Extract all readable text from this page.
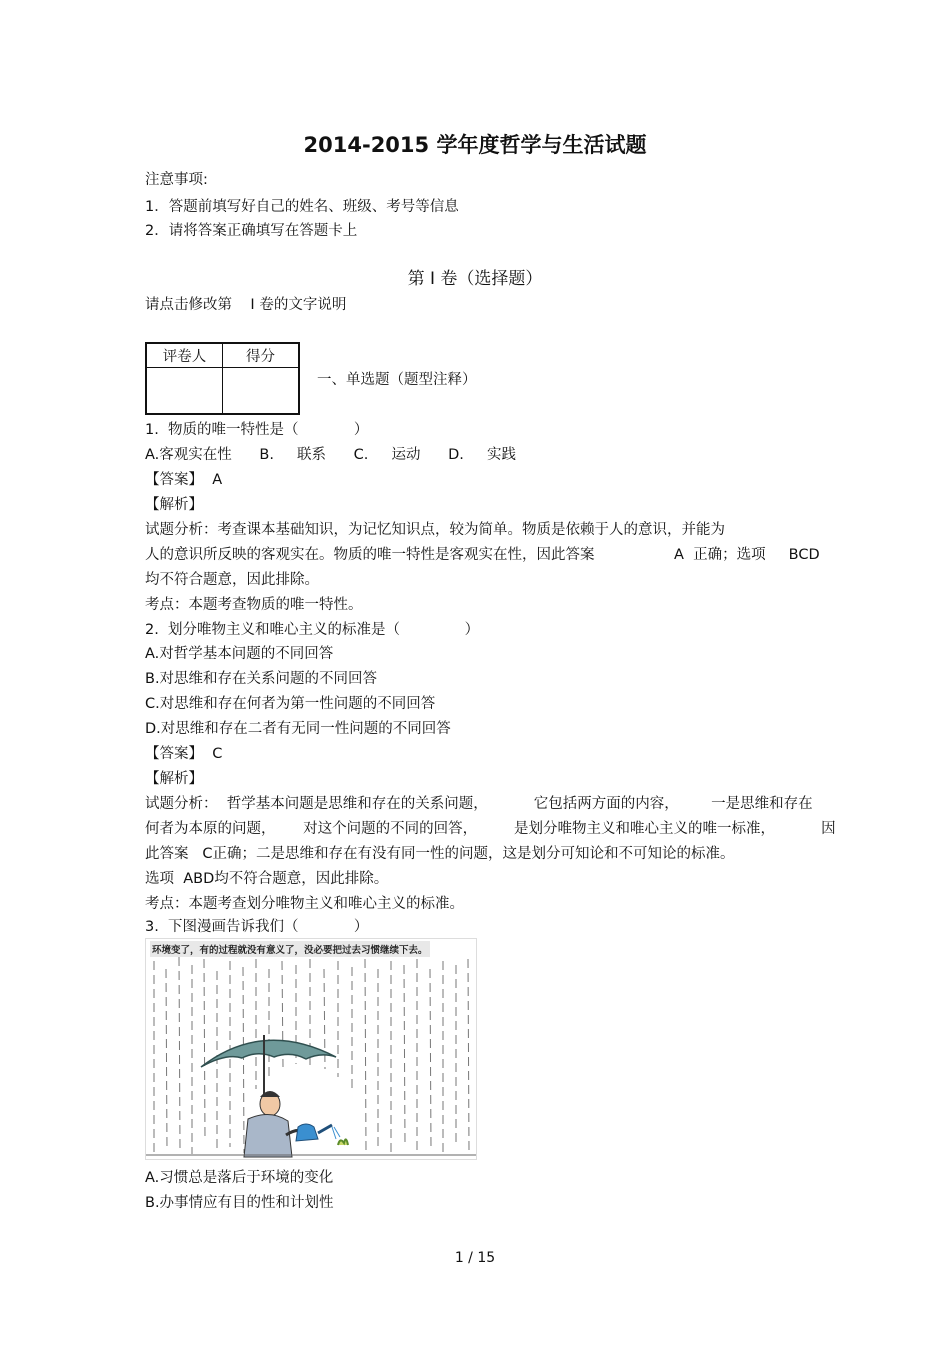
2014-2015 学年度哲学与生活试题
注意事项:
1．答题前填写好自己的姓名、班级、考号等信息
2．请将答案正确填写在答题卡上
第 I 卷（选择题）
请点击修改第    I 卷的文字说明
评卷人	得分

一、单选题（题型注释）
1.  物质的唯一特性是（            ）
A.客观实在性      B.     联系      C.     运动      D.     实践
【答案】  A
【解析】
试题分析：考查课本基础知识，为记忆知识点，较为简单。物质是依赖于人的意识，并能为
人的意识所反映的客观实在。物质的唯一特性是客观实在性，因此答案	A  正确；选项     BCD
均不符合题意，因此排除。
考点：本题考查物质的唯一特性。
2.  划分唯物主义和唯心主义的标准是（              ）
A.对哲学基本问题的不同回答
B.对思维和存在关系问题的不同回答
C.对思维和存在何者为第一性问题的不同回答
D.对思维和存在二者有无同一性问题的不同回答
【答案】  C
【解析】
试题分析：  哲学基本问题是思维和存在的关系问题，          它包括两方面的内容，       一是思维和存在
何者为本原的问题，      对这个问题的不同的回答，        是划分唯物主义和唯心主义的唯一标准，          因
此答案   C正确；二是思维和存在有没有同一性的问题，这是划分可知论和不可知论的标准。
选项  ABD均不符合题意，因此排除。
考点：本题考查划分唯物主义和唯心主义的标准。
3.  下图漫画告诉我们（            ）
环境变了，有的过程就没有意义了，没必要把过去习惯继续下去。
A.习惯总是落后于环境的变化
B.办事情应有目的性和计划性
1 / 15
